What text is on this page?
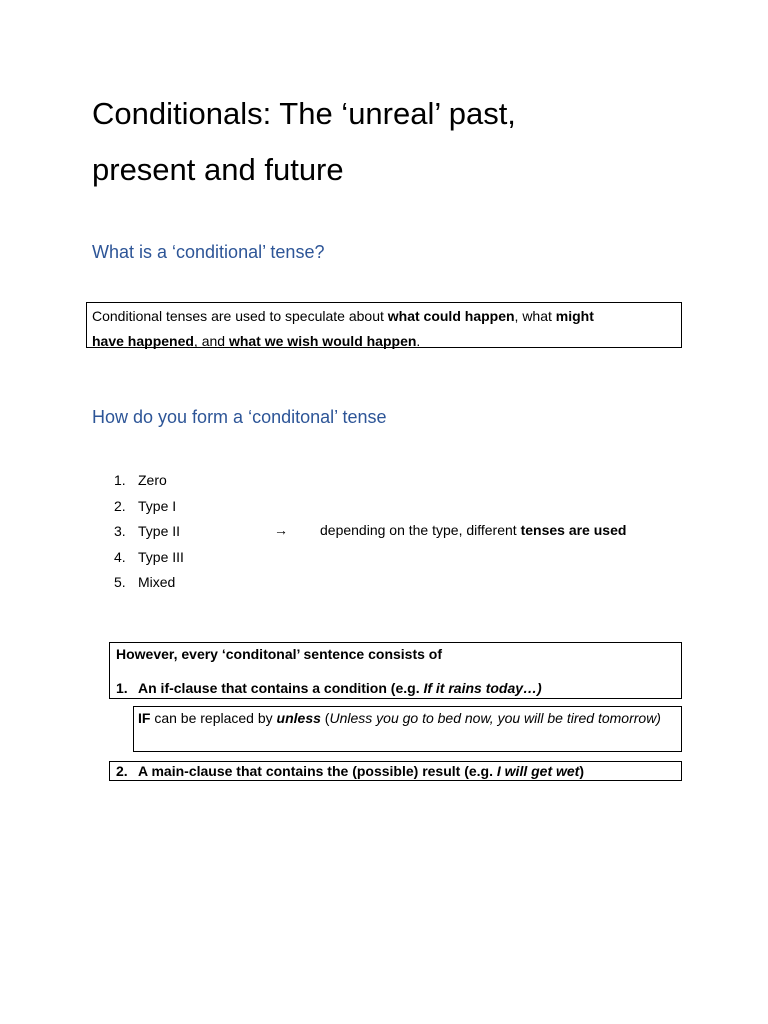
Conditionals: The ‘unreal’ past,
present and future
What is a ‘conditional’ tense?
Conditional tenses are used to speculate about what could happen, what might
have happened, and what we wish would happen.
How do you form a ‘conditonal’ tense
1. Zero
2. Type I
3. Type II
4. Type III
5. Mixed
→ depending on the type, different tenses are used
However, every ‘conditonal’ sentence consists of
1. An if-clause that contains a condition (e.g. If it rains today…)
IF can be replaced by unless (Unless you go to bed now, you will be tired tomorrow)
2. A main-clause that contains the (possible) result (e.g. I will get wet)
